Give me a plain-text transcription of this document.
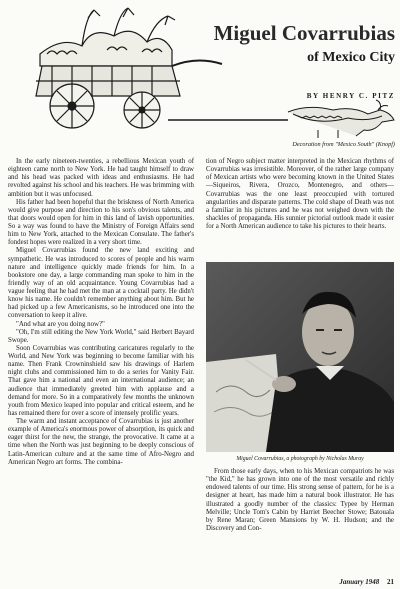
Miguel Covarrubias
of Mexico City
BY HENRY C. PITZ
Decoration from "Mexico South" (Knopf)

In the early nineteen-twenties, a rebellious Mexican youth of eighteen came north to New York. He had taught himself to draw and his head was packed with ideas and enthusiasms. He had revolted against his school and his teachers. He was brimming with ambition but it was unfocused.

His father had been hopeful that the briskness of North America would give purpose and direction to his son's obvious talents, and that doors would open for him in this land of lavish opportunities. So a way was found to have the Ministry of Foreign Affairs send him to New York, attached to the Mexican Consulate. The father's fondest hopes were realized in a very short time.

Miguel Covarrubias found the new land exciting and sympathetic. He was introduced to scores of people and his warm nature and intelligence quickly made friends for him. In a bookstore one day, a large commanding man spoke to him in the friendly way of an old acquaintance. Young Covarrubias had a vague feeling that he had met the man at a cocktail party. He didn't know his name. He couldn't remember anything about him. But he had picked up a few Americanisms, so he introduced one into the conversation to keep it alive.

"And what are you doing now?"

"Oh, I'm still editing the New York World," said Herbert Bayard Swope.

Soon Covarrubias was contributing caricatures regularly to the World, and New York was beginning to become familiar with his name. Then Frank Crowninshield saw his drawings of Harlem night clubs and commissioned him to do a series for Vanity Fair. That gave him a national and even an international audience; an audience that immediately greeted him with applause and a demand for more. So in a comparatively few months the unknown youth from Mexico leaped into popular and critical esteem, and he has remained there for over a score of intensely prolific years.

The warm and instant acceptance of Covarrubias is just another example of America's enormous power of absorption, its quick and eager thirst for the new, the strange, the provocative. It came at a time when the North was just beginning to be deeply conscious of Latin-American culture and at the same time of Afro-Negro and American Negro art forms. The combina-

tion of Negro subject matter interpreted in the Mexican rhythms of Covarrubias was irresistible. Moreover, of the rather large company of Mexican artists who were becoming known in the United States—Siqueiros, Rivera, Orozco, Montenegro, and others—Covarrubias was the one least preoccupied with tortured angularities and disparate patterns. The cold shape of Death was not a familiar in his pictures and he was not weighed down with the shackles of propaganda. His sunnier pictorial outlook made it easier for a North American audience to take his pictures to their hearts.

Miguel Covarrubias, a photograph by Nicholas Muray

From those early days, when to his Mexican compatriots he was "the Kid," he has grown into one of the most versatile and richly endowed talents of our time. His strong sense of pattern, for he is a designer at heart, has made him a natural book illustrator. He has illustrated a goodly number of the classics: Typee by Herman Melville; Uncle Tom's Cabin by Harriet Beecher Stowe; Batouala by Rene Maran; Green Mansions by W. H. Hudson; and the Discovery and Con-

January 1948 21
